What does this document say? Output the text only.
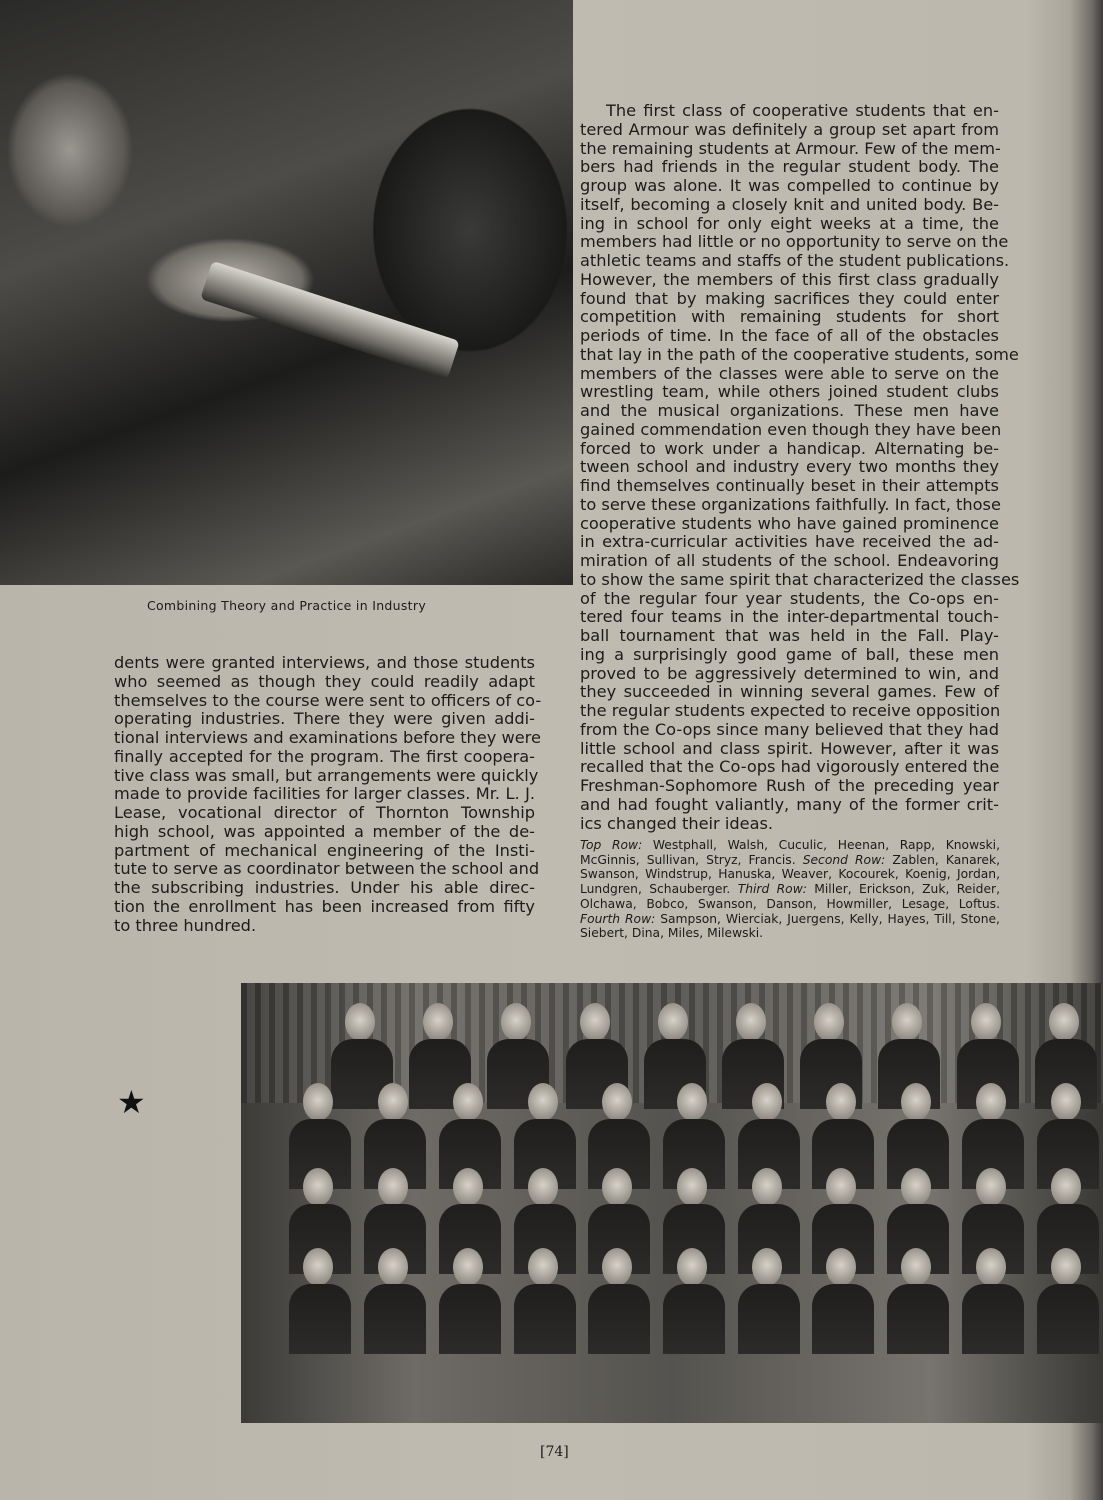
Combining Theory and Practice in Industry
dents were granted interviews, and those students
who seemed as though they could readily adapt
themselves to the course were sent to officers of co-
operating industries. There they were given addi-
tional interviews and examinations before they were
finally accepted for the program. The first coopera-
tive class was small, but arrangements were quickly
made to provide facilities for larger classes. Mr. L. J.
Lease, vocational director of Thornton Township
high school, was appointed a member of the de-
partment of mechanical engineering of the Insti-
tute to serve as coordinator between the school and
the subscribing industries. Under his able direc-
tion the enrollment has been increased from fifty
to three hundred.
The first class of cooperative students that en-
tered Armour was definitely a group set apart from
the remaining students at Armour. Few of the mem-
bers had friends in the regular student body. The
group was alone. It was compelled to continue by
itself, becoming a closely knit and united body. Be-
ing in school for only eight weeks at a time, the
members had little or no opportunity to serve on the
athletic teams and staffs of the student publications.
However, the members of this first class gradually
found that by making sacrifices they could enter
competition with remaining students for short
periods of time. In the face of all of the obstacles
that lay in the path of the cooperative students, some
members of the classes were able to serve on the
wrestling team, while others joined student clubs
and the musical organizations. These men have
gained commendation even though they have been
forced to work under a handicap. Alternating be-
tween school and industry every two months they
find themselves continually beset in their attempts
to serve these organizations faithfully. In fact, those
cooperative students who have gained prominence
in extra-curricular activities have received the ad-
miration of all students of the school. Endeavoring
to show the same spirit that characterized the classes
of the regular four year students, the Co-ops en-
tered four teams in the inter-departmental touch-
ball tournament that was held in the Fall. Play-
ing a surprisingly good game of ball, these men
proved to be aggressively determined to win, and
they succeeded in winning several games. Few of
the regular students expected to receive opposition
from the Co-ops since many believed that they had
little school and class spirit. However, after it was
recalled that the Co-ops had vigorously entered the
Freshman-Sophomore Rush of the preceding year
and had fought valiantly, many of the former crit-
ics changed their ideas.
Top Row: Westphall, Walsh, Cuculic, Heenan, Rapp, Knowski, McGinnis, Sullivan, Stryz, Francis. Second Row: Zablen, Kanarek, Swanson, Windstrup, Hanuska, Weaver, Kocourek, Koenig, Jordan, Lundgren, Schauberger. Third Row: Miller, Erickson, Zuk, Reider, Olchawa, Bobco, Swanson, Danson, Howmiller, Lesage, Loftus. Fourth Row: Sampson, Wierciak, Juergens, Kelly, Hayes, Till, Stone, Siebert, Dina, Miles, Milewski.
★
[74]
